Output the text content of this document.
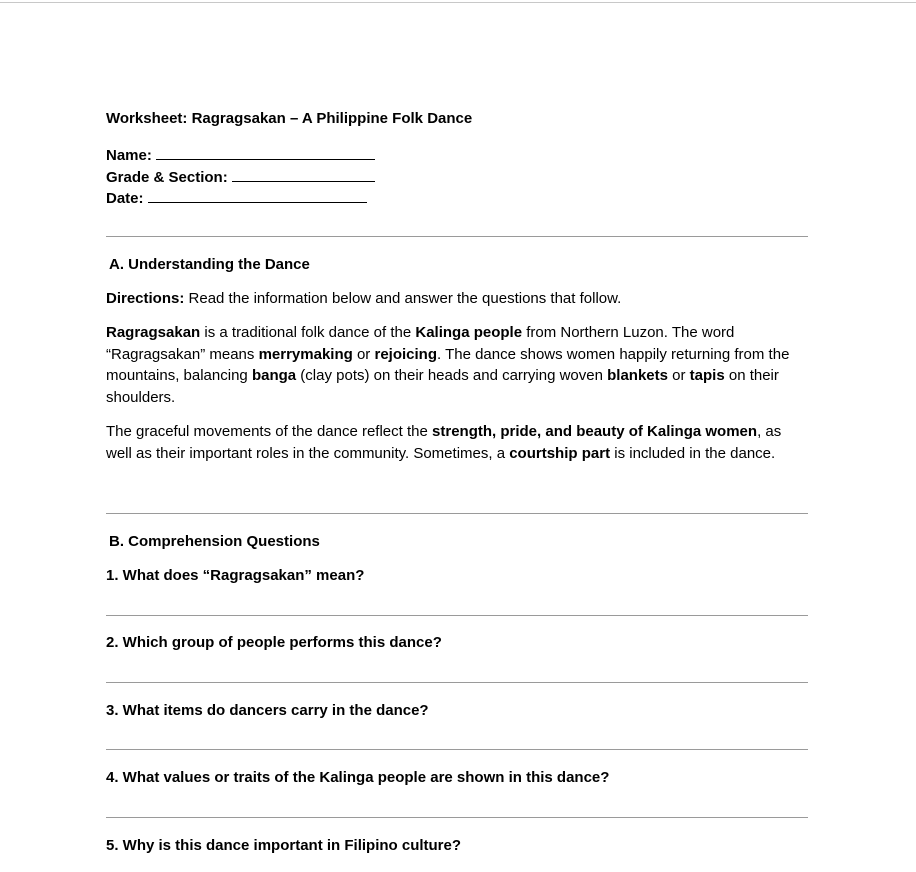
Worksheet: Ragragsakan – A Philippine Folk Dance
Name:
Grade & Section:
Date:
A. Understanding the Dance
Directions: Read the information below and answer the questions that follow.
Ragragsakan is a traditional folk dance of the Kalinga people from Northern Luzon. The word “Ragragsakan” means merrymaking or rejoicing. The dance shows women happily returning from the mountains, balancing banga (clay pots) on their heads and carrying woven blankets or tapis on their shoulders.
The graceful movements of the dance reflect the strength, pride, and beauty of Kalinga women, as well as their important roles in the community. Sometimes, a courtship part is included in the dance.
B. Comprehension Questions
1. What does “Ragragsakan” mean?
2. Which group of people performs this dance?
3. What items do dancers carry in the dance?
4. What values or traits of the Kalinga people are shown in this dance?
5. Why is this dance important in Filipino culture?
